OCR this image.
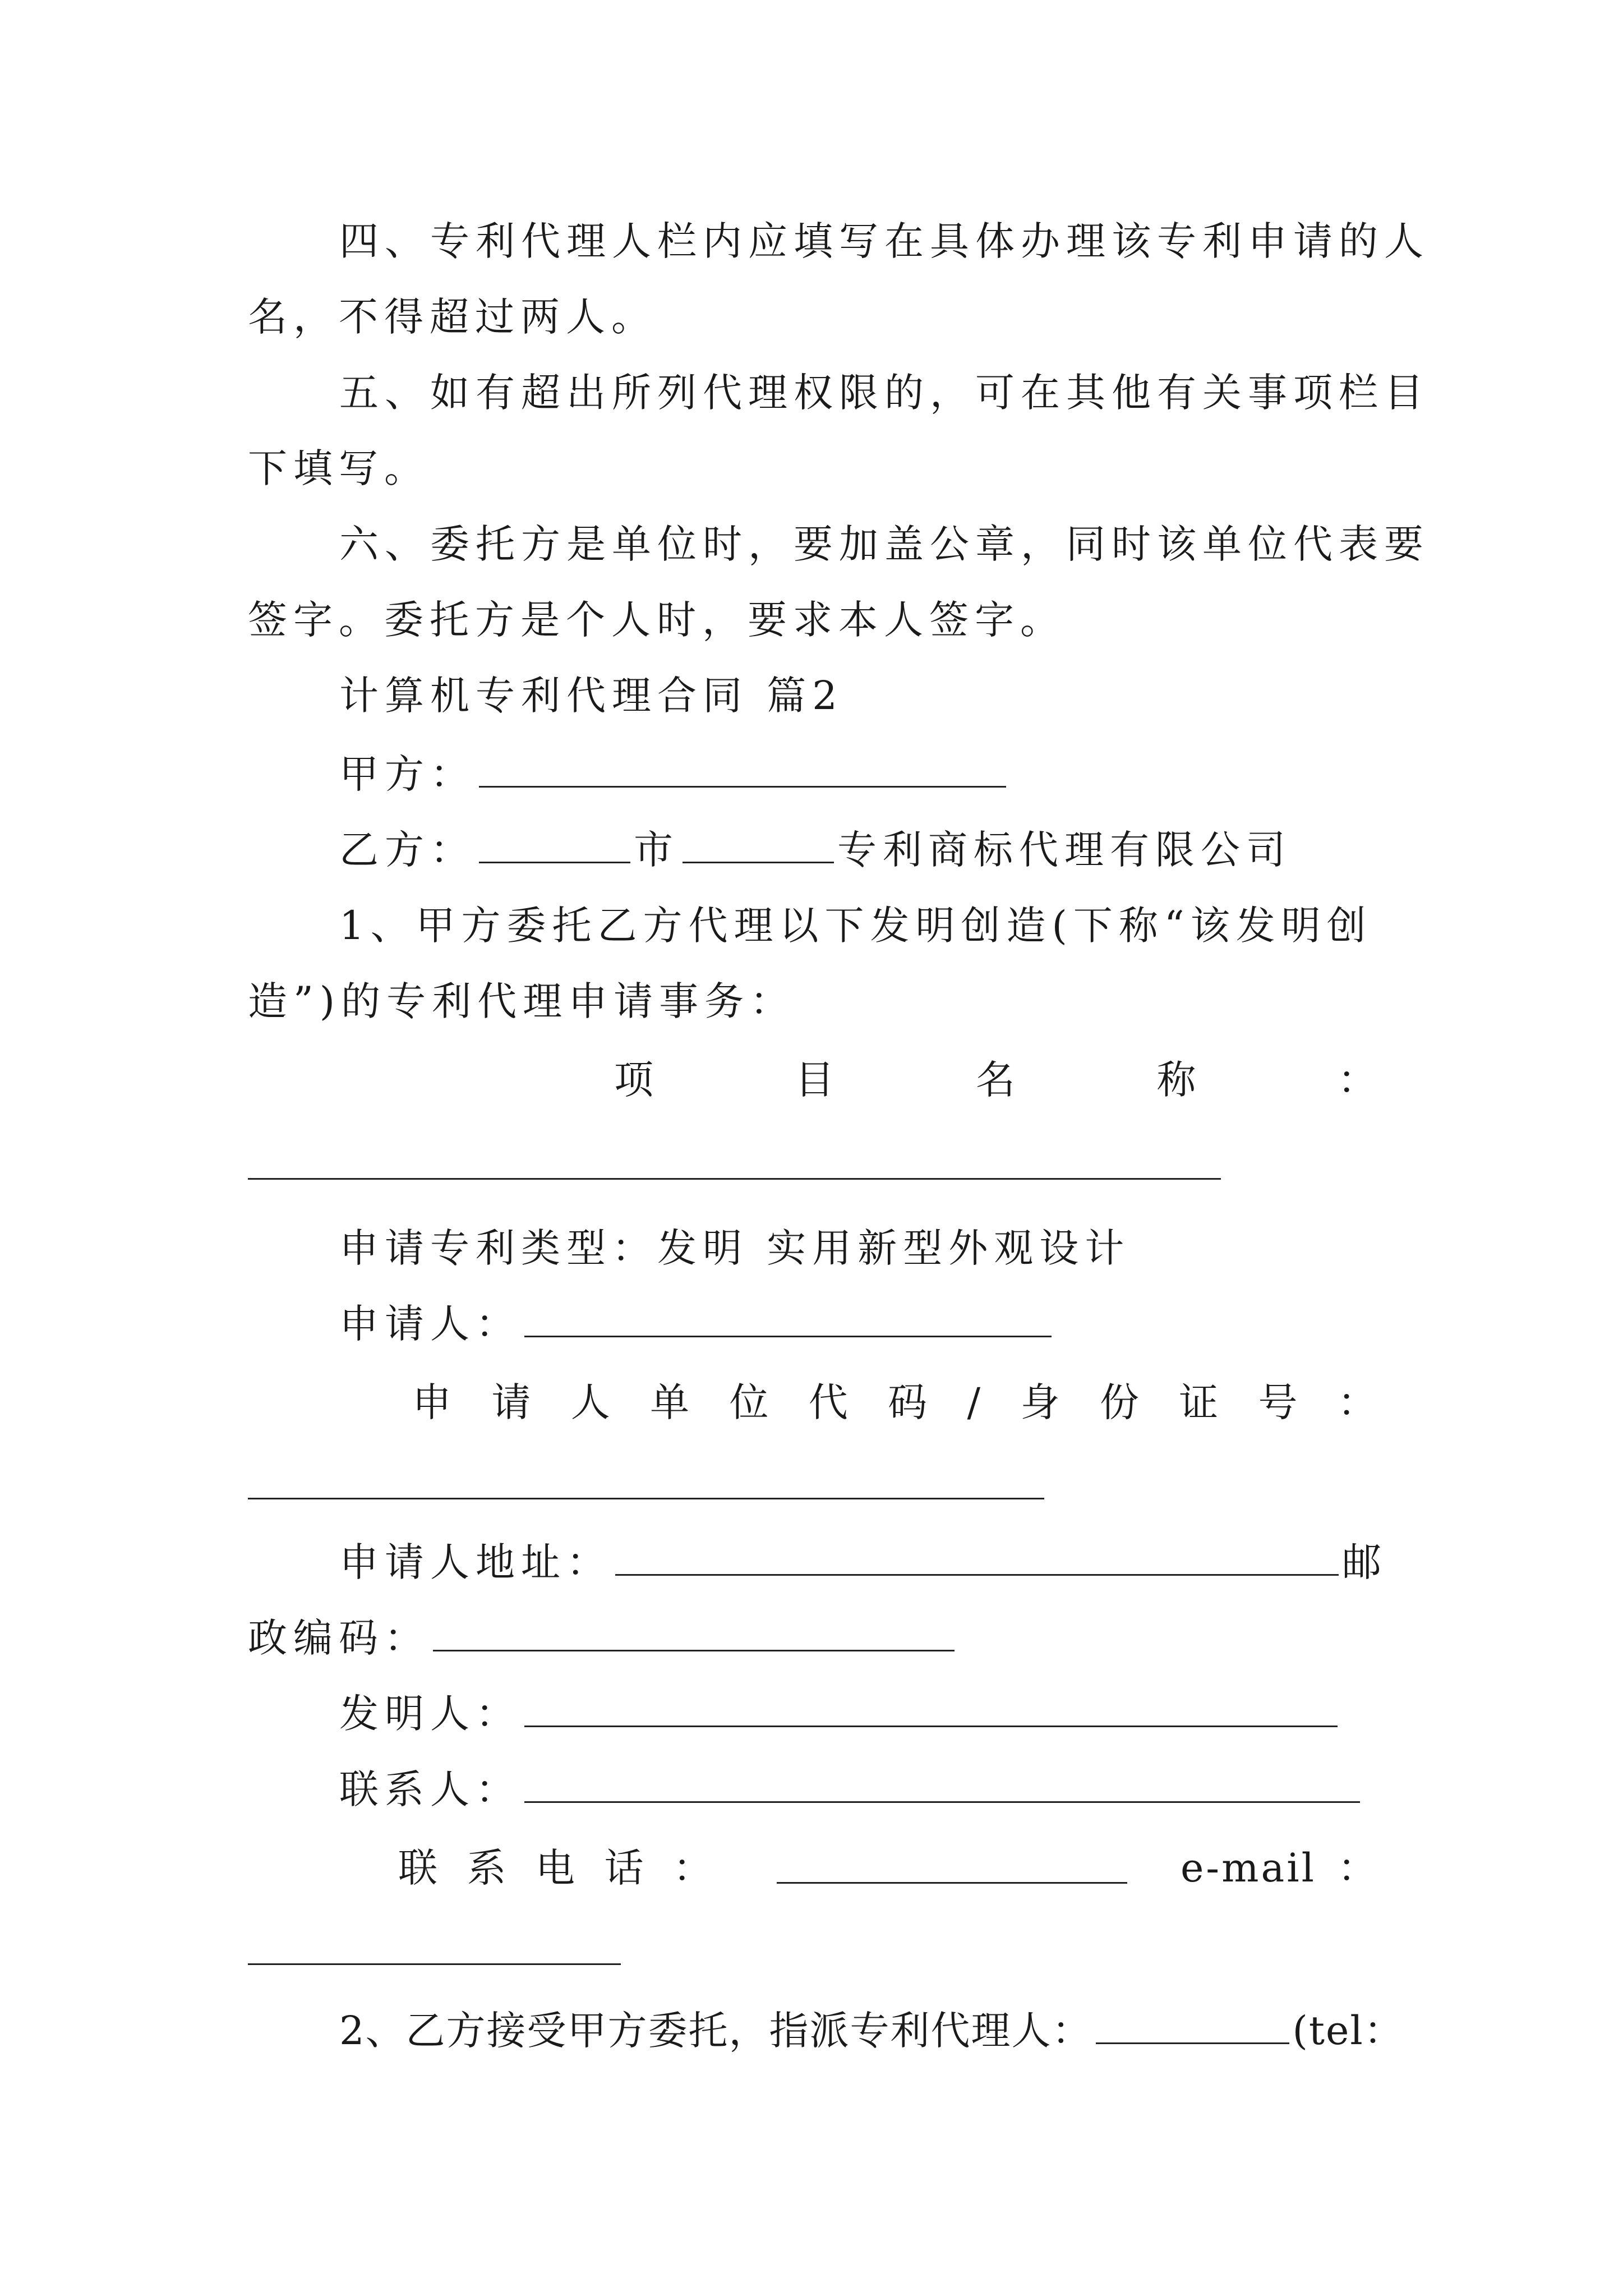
四、专利代理人栏内应填写在具体办理该专利申请的人
名，不得超过两人。
五、如有超出所列代理权限的，可在其他有关事项栏目
下填写。
六、委托方是单位时，要加盖公章，同时该单位代表要
签字。委托方是个人时，要求本人签字。
计算机专利代理合同 篇2
甲方：
乙方：	市	专利商标代理有限公司
1、甲方委托乙方代理以下发明创造(下称“该发明创
造”)的专利代理申请事务：
项	目	名	称	：
申请专利类型：发明 实用新型外观设计
申请人：
申 请 人 单 位 代 码 / 身 份 证 号 ：
申请人地址：	邮
政编码：
发明人：
联系人：
联 系 电 话 ：	e-mail ：
2、乙方接受甲方委托，指派专利代理人：	(tel：
